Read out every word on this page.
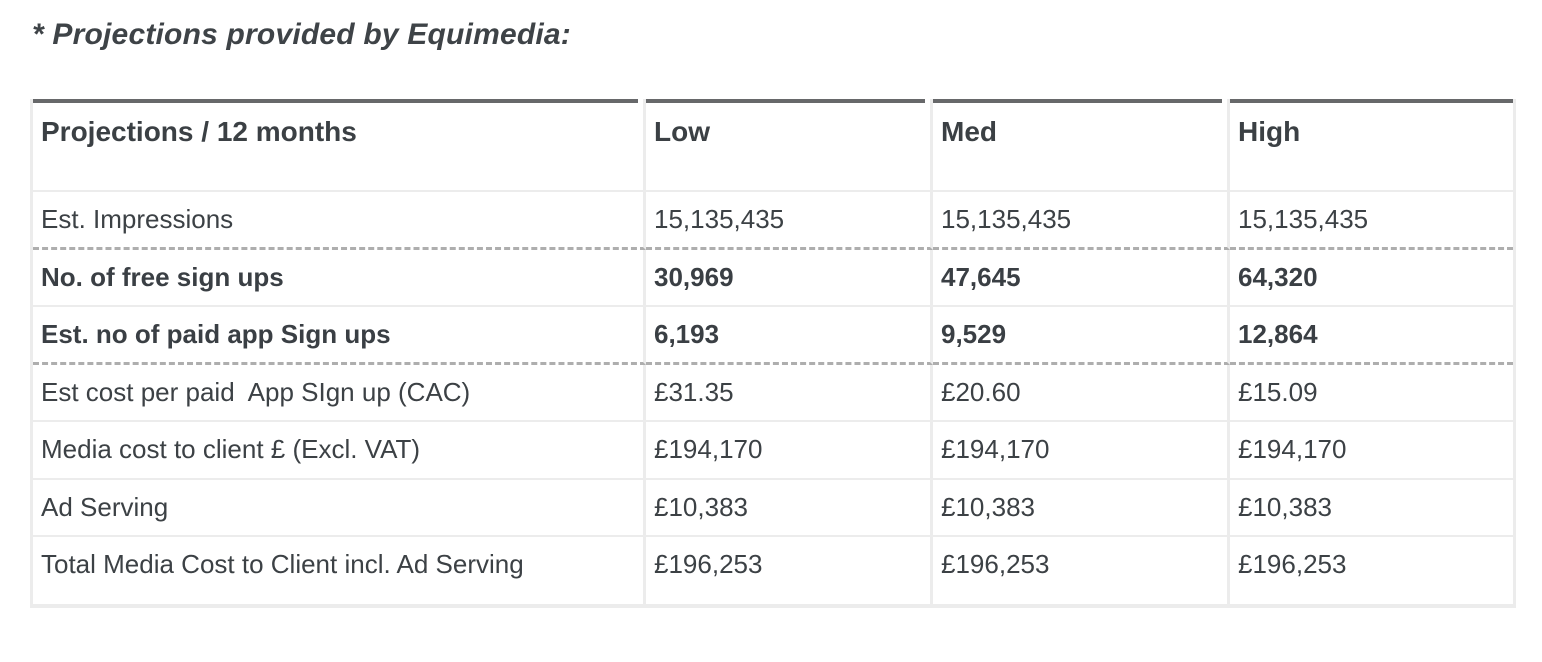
* Projections provided by Equimedia:
Projections / 12 months	Low	Med	High
Est. Impressions	15,135,435	15,135,435	15,135,435
No. of free sign ups	30,969	47,645	64,320
Est. no of paid app Sign ups	6,193	9,529	12,864
Est cost per paid  App SIgn up (CAC)	£31.35	£20.60	£15.09
Media cost to client £ (Excl. VAT)	£194,170	£194,170	£194,170
Ad Serving	£10,383	£10,383	£10,383
Total Media Cost to Client incl. Ad Serving	£196,253	£196,253	£196,253
